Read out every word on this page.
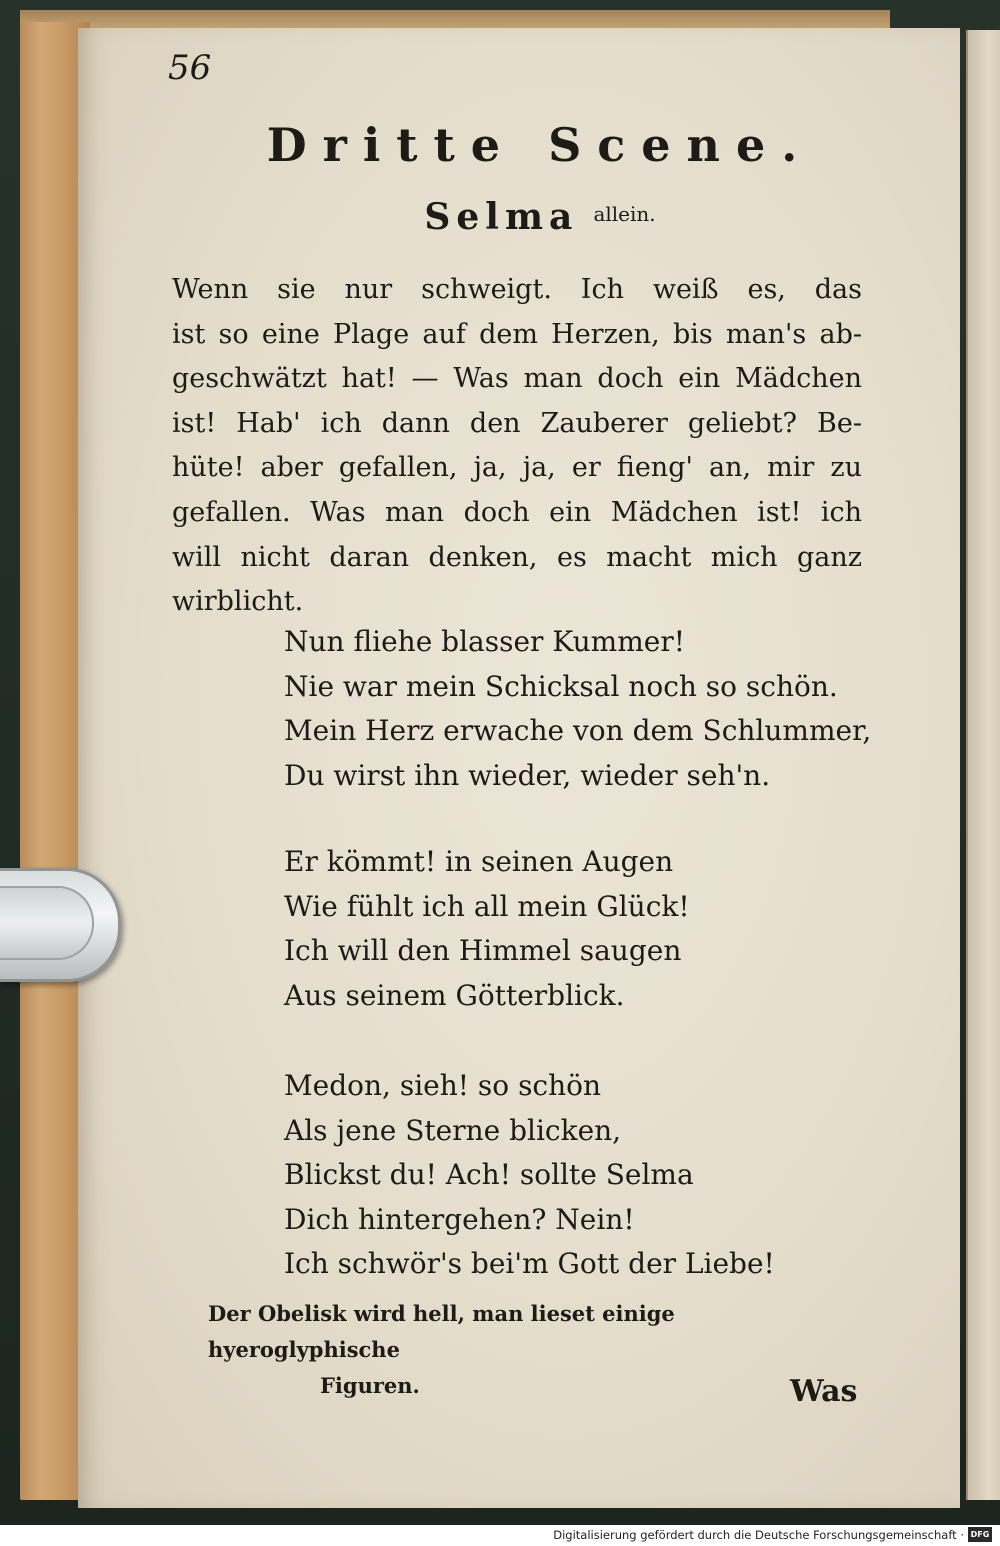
56
Dritte Scene.
Selma allein.
Wenn sie nur schweigt. Ich weiß es, das
ist so eine Plage auf dem Herzen, bis man's ab-
geschwätzt hat! — Was man doch ein Mädchen
ist! Hab' ich dann den Zauberer geliebt? Be-
hüte! aber gefallen, ja, ja, er fieng' an, mir zu
gefallen. Was man doch ein Mädchen ist! ich
will nicht daran denken, es macht mich ganz
wirblicht.
Nun fliehe blasser Kummer!
Nie war mein Schicksal noch so schön.
Mein Herz erwache von dem Schlummer,
Du wirst ihn wieder, wieder seh'n.
Er kömmt! in seinen Augen
Wie fühlt ich all mein Glück!
Ich will den Himmel saugen
Aus seinem Götterblick.
Medon, sieh! so schön
Als jene Sterne blicken,
Blickst du! Ach! sollte Selma
Dich hintergehen? Nein!
Ich schwör's bei'm Gott der Liebe!
Der Obelisk wird hell, man lieset einige hyeroglyphische
Figuren.	Was
Digitalisierung gefördert durch die Deutsche Forschungsgemeinschaft · DFG
